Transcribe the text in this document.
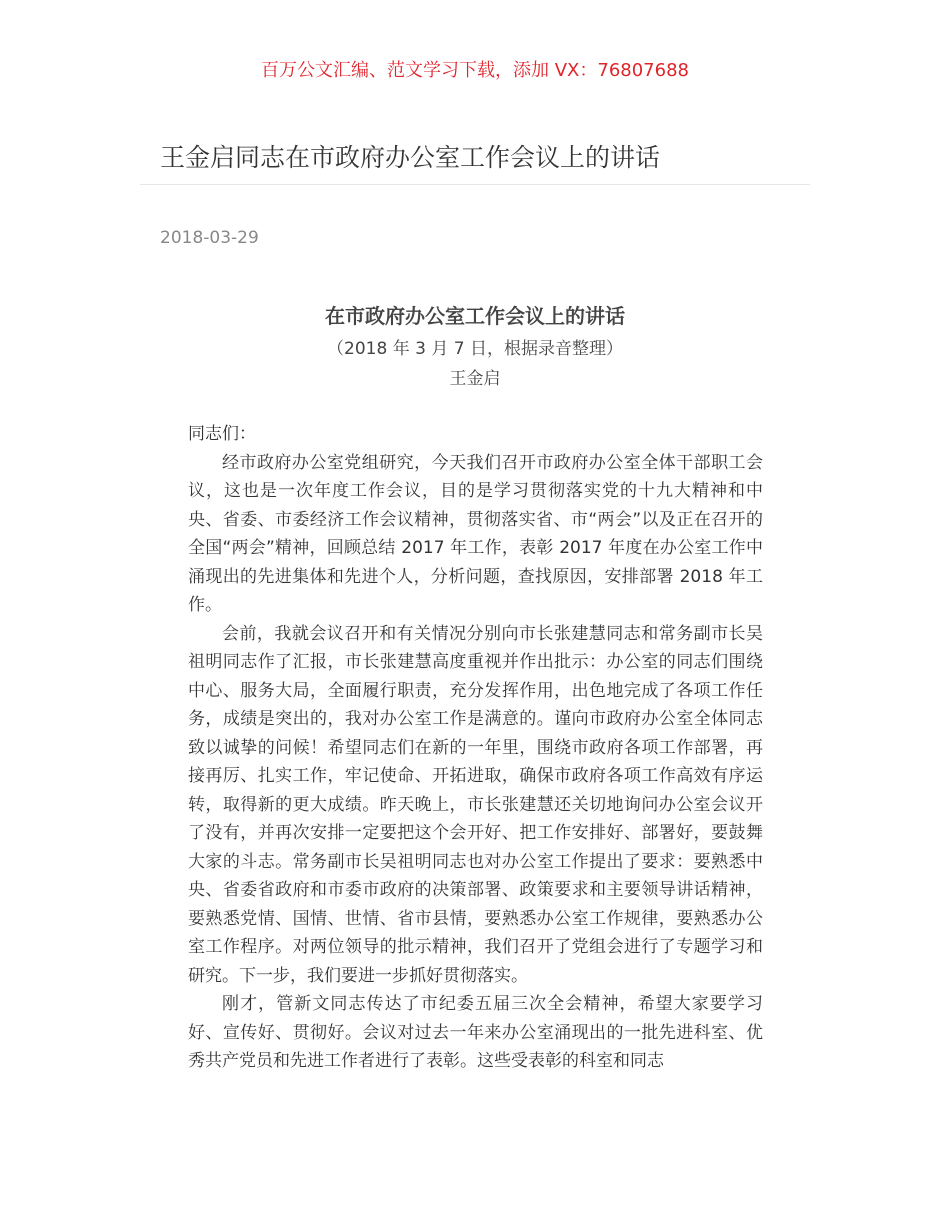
百万公文汇编、范文学习下载，添加 VX：76807688
王金启同志在市政府办公室工作会议上的讲话
2018-03-29
在市政府办公室工作会议上的讲话
（2018 年 3 月 7 日，根据录音整理）
王金启

同志们：

经市政府办公室党组研究，今天我们召开市政府办公室全体干部职工会议，这也是一次年度工作会议，目的是学习贯彻落实党的十九大精神和中央、省委、市委经济工作会议精神，贯彻落实省、市“两会”以及正在召开的全国“两会”精神，回顾总结 2017 年工作，表彰 2017 年度在办公室工作中涌现出的先进集体和先进个人，分析问题，查找原因，安排部署 2018 年工作。

会前，我就会议召开和有关情况分别向市长张建慧同志和常务副市长吴祖明同志作了汇报，市长张建慧高度重视并作出批示：办公室的同志们围绕中心、服务大局，全面履行职责，充分发挥作用，出色地完成了各项工作任务，成绩是突出的，我对办公室工作是满意的。谨向市政府办公室全体同志致以诚挚的问候！希望同志们在新的一年里，围绕市政府各项工作部署，再接再厉、扎实工作，牢记使命、开拓进取，确保市政府各项工作高效有序运转，取得新的更大成绩。昨天晚上，市长张建慧还关切地询问办公室会议开了没有，并再次安排一定要把这个会开好、把工作安排好、部署好，要鼓舞大家的斗志。常务副市长吴祖明同志也对办公室工作提出了要求：要熟悉中央、省委省政府和市委市政府的决策部署、政策要求和主要领导讲话精神，要熟悉党情、国情、世情、省市县情，要熟悉办公室工作规律，要熟悉办公室工作程序。对两位领导的批示精神，我们召开了党组会进行了专题学习和研究。下一步，我们要进一步抓好贯彻落实。

刚才，管新文同志传达了市纪委五届三次全会精神，希望大家要学习好、宣传好、贯彻好。会议对过去一年来办公室涌现出的一批先进科室、优秀共产党员和先进工作者进行了表彰。这些受表彰的科室和同志
